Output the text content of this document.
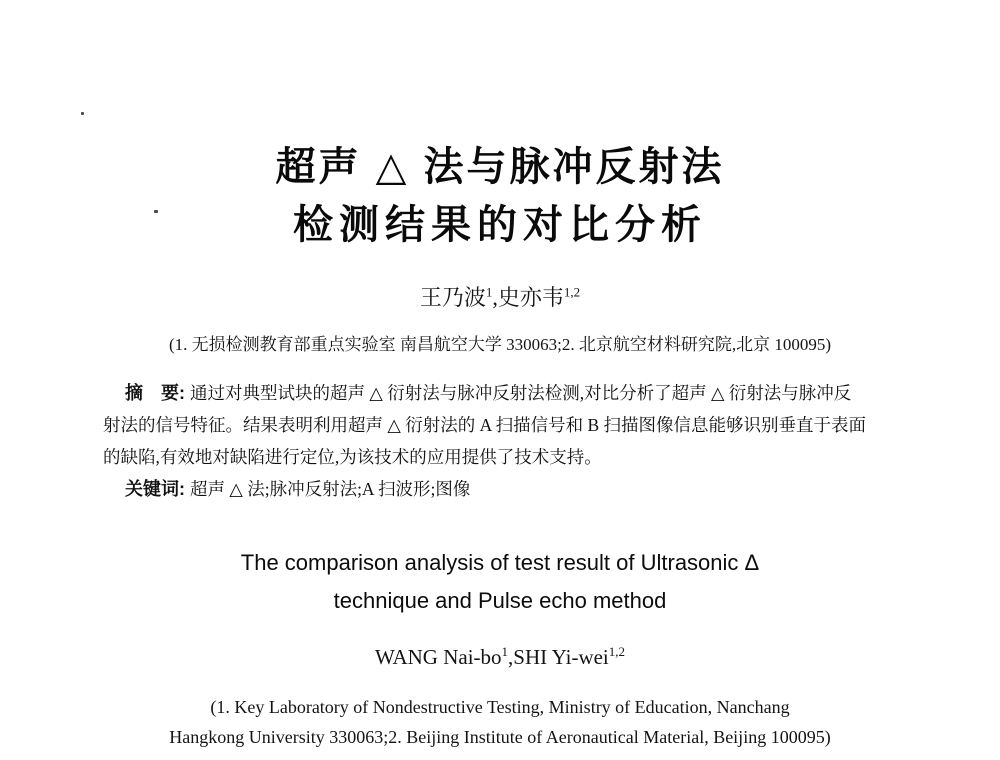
超声 △ 法与脉冲反射法
检测结果的对比分析
王乃波$^1$,史亦韦$^{1,2}$
(1. 无损检测教育部重点实验室 南昌航空大学 330063;2. 北京航空材料研究院,北京 100095)
摘　要: 通过对典型试块的超声 △ 衍射法与脉冲反射法检测,对比分析了超声 △ 衍射法与脉冲反
射法的信号特征。结果表明利用超声 △ 衍射法的 A 扫描信号和 B 扫描图像信息能够识别垂直于表面
的缺陷,有效地对缺陷进行定位,为该技术的应用提供了技术支持。
关键词: 超声 △ 法;脉冲反射法;A 扫波形;图像
The comparison analysis of test result of Ultrasonic Δ
technique and Pulse echo method
WANG Nai-$bo^1,SHI$ Yi-wei$^{1,2}$
(1. Key Laboratory of Nondestructive Testing, Ministry of Education, Nanchang
Hangkong University 330063;2. Beijing Institute of Aeronautical Material, Beijing 100095)
